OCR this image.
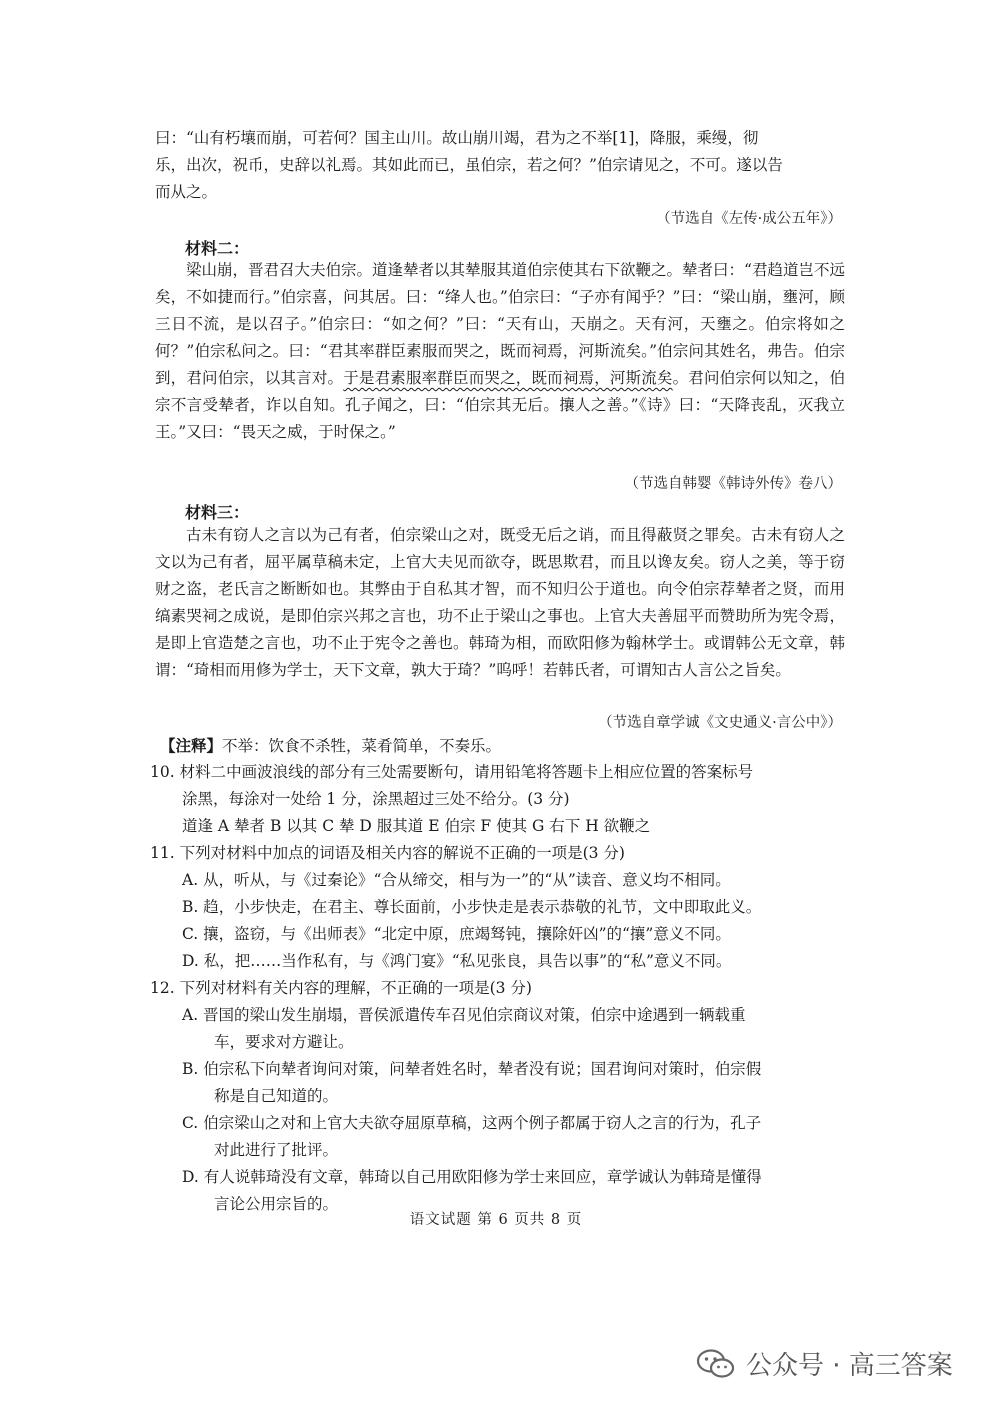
曰：“山有朽壤而崩，可若何？国主山川。故山崩川竭，君为之不举[1]，降服，乘缦，彻

乐，出次，祝币，史辞以礼焉。其如此而已，虽伯宗，若之何？”伯宗请见之，不可。遂以告

而从之。

（节选自《左传·成公五年》）
材料二：

梁山崩，晋君召大夫伯宗。道逢辇者以其辇服其道伯宗使其右下欲鞭之。辇者曰：“君趋道岂不远矣，不如捷而行。”伯宗喜，问其居。曰：“绛人也。”伯宗曰：“子亦有闻乎？”曰：“梁山崩，壅河，顾三日不流，是以召子。”伯宗曰：“如之何？”曰：“天有山，天崩之。天有河，天壅之。伯宗将如之何？”伯宗私问之。曰：“君其率群臣素服而哭之，既而祠焉，河斯流矣。”伯宗问其姓名，弗告。伯宗到，君问伯宗，以其言对。于是君素服率群臣而哭之，既而祠焉，河斯流矣。君问伯宗何以知之，伯宗不言受辇者，诈以自知。孔子闻之，曰：“伯宗其无后。攘人之善。”《诗》曰：“天降丧乱，灭我立王。”又曰：“畏天之威，于时保之。”

（节选自韩婴《韩诗外传》卷八）
材料三：

古未有窃人之言以为己有者，伯宗梁山之对，既受无后之诮，而且得蔽贤之罪矣。古未有窃人之文以为己有者，屈平属草稿未定，上官大夫见而欲夺，既思欺君，而且以谗友矣。窃人之美，等于窃财之盗，老氏言之断断如也。其弊由于自私其才智，而不知归公于道也。向令伯宗荐辇者之贤，而用缟素哭祠之成说，是即伯宗兴邦之言也，功不止于梁山之事也。上官大夫善屈平而赞助所为宪令焉，是即上官造楚之言也，功不止于宪令之善也。韩琦为相，而欧阳修为翰林学士。或谓韩公无文章，韩谓：“琦相而用修为学士，天下文章，孰大于琦？”呜呼！若韩氏者，可谓知古人言公之旨矣。

（节选自章学诚《文史通义·言公中》）

【注释】不举：饮食不杀牲，菜肴简单，不奏乐。

10. 材料二中画波浪线的部分有三处需要断句，请用铅笔将答题卡上相应位置的答案标号

涂黑，每涂对一处给 1 分，涂黑超过三处不给分。(3 分)

道逢 A 辇者 B 以其 C 辇 D 服其道 E 伯宗 F 使其 G 右下 H 欲鞭之

11. 下列对材料中加点的词语及相关内容的解说不正确的一项是(3 分)

A. 从，听从，与《过秦论》“合从缔交，相与为一”的“从”读音、意义均不相同。

B. 趋，小步快走，在君主、尊长面前，小步快走是表示恭敬的礼节，文中即取此义。

C. 攘，盗窃，与《出师表》“北定中原，庶竭驽钝，攘除奸凶”的“攘”意义不同。

D. 私，把……当作私有，与《鸿门宴》“私见张良，具告以事”的“私”意义不同。

12. 下列对材料有关内容的理解，不正确的一项是(3 分)

A. 晋国的梁山发生崩塌，晋侯派遣传车召见伯宗商议对策，伯宗中途遇到一辆载重

车，要求对方避让。

B. 伯宗私下向辇者询问对策，问辇者姓名时，辇者没有说；国君询问对策时，伯宗假

称是自己知道的。

C. 伯宗梁山之对和上官大夫欲夺屈原草稿，这两个例子都属于窃人之言的行为，孔子

对此进行了批评。

D. 有人说韩琦没有文章，韩琦以自己用欧阳修为学士来回应，章学诚认为韩琦是懂得

言论公用宗旨的。

语文试题 第 6 页共 8 页
公众号 · 高三答案
